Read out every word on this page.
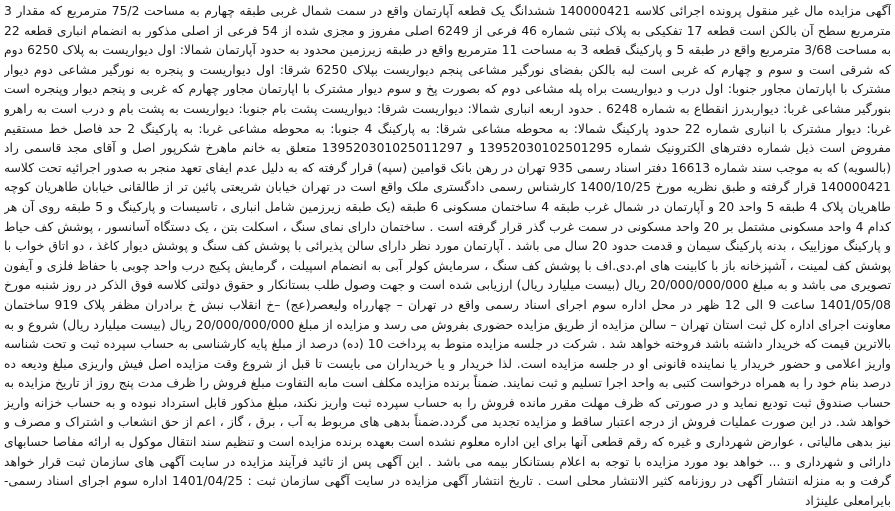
آگهی مزایده مال غیر منقول پرونده اجرائی کلاسه 140000421 ششدانگ یک قطعه آپارتمان واقع در سمت شمال غربی طبقه چهارم به مساحت 75/2 مترمربع که مقدار 3 مترمربع سطح آن بالکن است قطعه 17 تفکیکی به پلاک ثبتی شماره 46 فرعی از 6249 اصلی مفروز و مجزی شده از 54 فرعی از اصلی مذکور به انضمام انباری قطعه 22 به مساحت 3/68 مترمربع واقع در طبقه 5 و پارکینگ قطعه 3 به مساحت 11 مترمربع واقع در طبقه زیرزمین محدود به حدود آپارتمان شمالا: اول دیواریست به پلاک 6250 دوم که شرقی است و سوم و چهارم که غربی است لبه بالکن بفضای نورگیر مشاعی پنجم دیواریست بپلاک 6250 شرقا: اول دیواریست و پنجره به نورگیر مشاعی دوم دیوار مشترک با اپارتمان مجاور جنوبا: اول درب و دیواریست براه پله مشاعی دوم که بصورت پخ و سوم دیوار مشترک با اپارتمان مجاور چهارم که غربی و پنجم دیوار وپنجره است بنورگیر مشاعی غربا: دیواربدرز انقطاع به شماره 6248 . حدود اربعه انباری شمالا: دیواریست شرقا: دیواریست پشت بام جنوبا: دیواریست به پشت بام و درب است به راهرو غربا: دیوار مشترک با انباری شماره 22 حدود پارکینگ شمالا: به محوطه مشاعی شرقا: به پارکینگ 4 جنوبا: به محوطه مشاعی غربا: به پارکینگ 2 حد فاصل خط مستقیم مفروض است ذیل شماره دفترهای الکترونیک شماره 13952030102501295 و 139520301025011297 متعلق به خانم ماهرخ شکرپور اصل و آقای مجد قاسمی راد (بالسویه) که به موجب سند شماره 16613 دفتر اسناد رسمی 935 تهران در رهن بانک قوامین (سپه) قرار گرفته که به دلیل عدم ایفای تعهد منجر به صدور اجرائیه تحت کلاسه 140000421 قرار گرفته و طبق نظریه مورخ 1400/10/25 کارشناس رسمی دادگستری ملک واقع است در تهران خیابان شریعتی پائین تر از طالقانی خیابان طاهریان کوچه طاهریان پلاک 4 طبقه 5 واحد 20 و آپارتمان در شمال غرب طبقه 4 ساختمان مسکونی 6 طبقه (یک طبقه زیرزمین شامل انباری ، تاسیسات و پارکینگ و 5 طبقه روی آن هر کدام 4 واحد مسکونی مشتمل بر 20 واحد مسکونی در سمت غرب گذر قرار گرفته است . ساختمان دارای نمای سنگ ، اسکلت بتن ، یک دستگاه آسانسور ، پوشش کف حیاط و پارکینگ موزاییک ، بدنه پارکینگ سیمان و قدمت حدود 20 سال می باشد . آپارتمان مورد نظر دارای سالن پذیرائی با پوشش کف سنگ و پوشش دیوار کاغذ ، دو اتاق خواب با پوشش کف لمینت ، آشپزخانه باز با کابینت های ام.دی.اف با پوشش کف سنگ ، سرمایش کولر آبی به انضمام اسپیلت ، گرمایش پکیج درب واحد چوبی با حفاظ فلزی و آیفون تصویری می باشد و به مبلغ 20/000/000/000 ریال (بیست میلیارد ریال) ارزیابی شده است و جهت وصول طلب بستانکار و حقوق دولتی کلاسه فوق الذکر در روز شنبه مورخ 1401/05/08 ساعت 9 الی 12 ظهر در محل اداره سوم اجرای اسناد رسمی واقع در تهران – چهارراه ولیعصر(عج) –خ انقلاب نبش خ برادران مظفر پلاک 919 ساختمان معاونت اجرای اداره کل ثبت استان تهران – سالن مزایده از طریق مزایده حضوری بفروش می رسد و مزایده از مبلغ 20/000/000/000 ریال (بیست میلیارد ریال) شروع و به بالاترین قیمت که خریدار داشته باشد فروخته خواهد شد . شرکت در جلسه مزایده منوط به پرداخت 10 (ده) درصد از مبلغ پایه کارشناسی به حساب سپرده ثبت و تحت شناسه واریز اعلامی و حضور خریدار یا نماینده قانونی او در جلسه مزایده است. لذا خریدار و یا خریداران می بایست تا قبل از شروع وقت مزایده اصل فیش واریزی مبلغ ودیعه ده درصد بنام خود را به همراه درخواست کتبی به واحد اجرا تسلیم و ثبت نمایند. ضمناً برنده مزایده مکلف است مابه التفاوت مبلغ فروش را ظرف مدت پنج روز از تاریخ مزایده به حساب صندوق ثبت تودیع نماید و در صورتی که ظرف مهلت مقرر مانده فروش را به حساب سپرده ثبت واریز نکند، مبلغ مذکور قابل استرداد نبوده و به حساب خزانه واریز خواهد شد. در این صورت عملیات فروش از درجه اعتبار ساقط و مزایده تجدید می گردد.ضمناً بدهی های مربوط به آب ، برق ، گاز ، اعم از حق انشعاب و اشتراک و مصرف و نیز بدهی مالیاتی ، عوارض شهرداری و غیره که رقم قطعی آنها برای این اداره معلوم نشده است بعهده برنده مزایده است و تنظیم سند انتقال موکول به ارائه مفاصا حسابهای دارائی و شهرداری و ... خواهد بود مورد مزایده با توجه به اعلام بستانکار بیمه می باشد . این آگهی پس از تائید فرآیند مزایده در سایت آگهی های سازمان ثبت قرار خواهد گرفت و به منزله انتشار آگهی در روزنامه کثیر الانتشار محلی است . تاریخ انتشار آگهی مزایده در سایت آگهی سازمان ثبت : 1401/04/25 اداره سوم اجرای اسناد رسمی- بایرامعلی علینژاد
